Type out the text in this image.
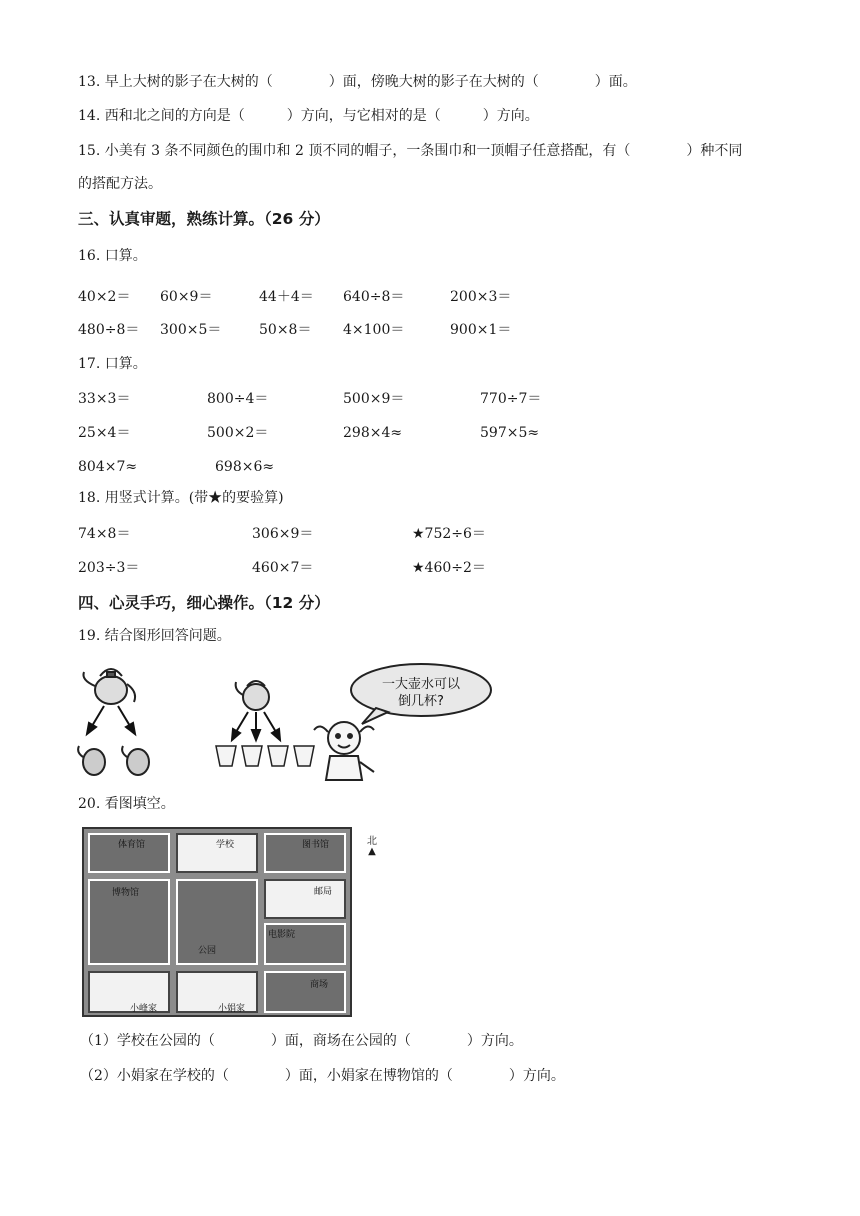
13. 早上大树的影子在大树的（　　　　）面，傍晚大树的影子在大树的（　　　　）面。
14. 西和北之间的方向是（　　　）方向，与它相对的是（　　　）方向。
15. 小美有 3 条不同颜色的围巾和 2 顶不同的帽子，一条围巾和一顶帽子任意搭配，有（　　　　）种不同
的搭配方法。
三、认真审题，熟练计算。（26 分）
16. 口算。
40×2＝ 60×9＝	44＋4＝ 640÷8＝	200×3＝
480÷8＝ 300×5＝	50×8＝ 4×100＝	900×1＝
17. 口算。
33×3＝	800÷4＝	500×9＝	770÷7＝
25×4＝	500×2＝	298×4≈	597×5≈
804×7≈	698×6≈
18. 用竖式计算。(带★的要验算)
74×8＝	306×9＝	★752÷6＝
203÷3＝	460×7＝	★460÷2＝
四、心灵手巧，细心操作。（12 分）
19. 结合图形回答问题。
一大壶水可以
倒几杯?
20. 看图填空。
体育馆	学校	图书馆
博物馆
公园
邮局
电影院
小峰家	小娟家
商场
北
▲
（1）学校在公园的（　　　　）面，商场在公园的（　　　　）方向。
（2）小娟家在学校的（　　　　）面，小娟家在博物馆的（　　　　）方向。
